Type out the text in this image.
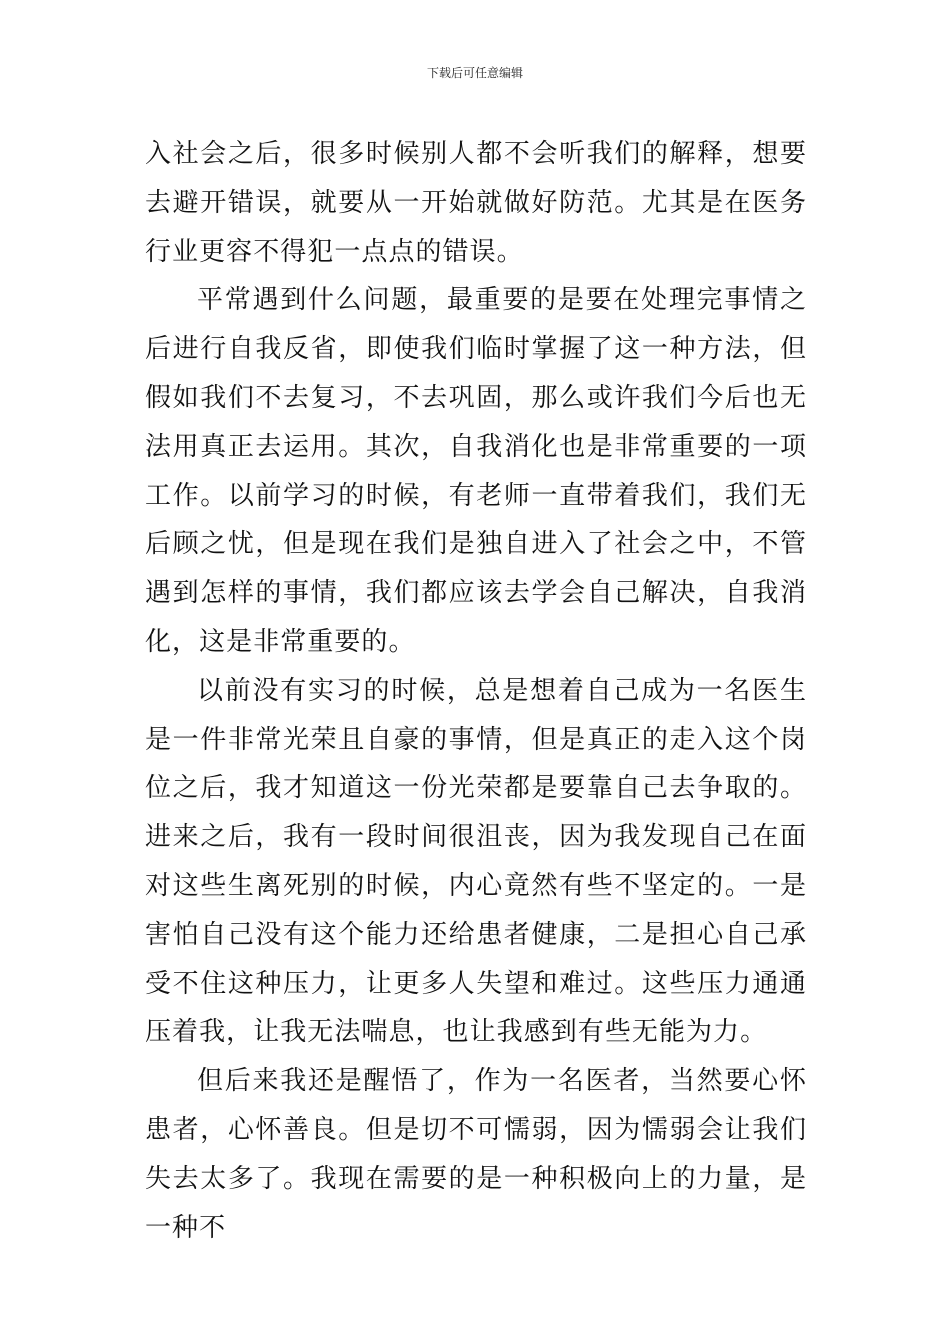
下载后可任意编辑

入社会之后，很多时候别人都不会听我们的解释，想要去避开错误，就要从一开始就做好防范。尤其是在医务行业更容不得犯一点点的错误。

平常遇到什么问题，最重要的是要在处理完事情之后进行自我反省，即使我们临时掌握了这一种方法，但假如我们不去复习，不去巩固，那么或许我们今后也无法用真正去运用。其次，自我消化也是非常重要的一项工作。以前学习的时候，有老师一直带着我们，我们无后顾之忧，但是现在我们是独自进入了社会之中，不管遇到怎样的事情，我们都应该去学会自己解决，自我消化，这是非常重要的。

以前没有实习的时候，总是想着自己成为一名医生是一件非常光荣且自豪的事情，但是真正的走入这个岗位之后，我才知道这一份光荣都是要靠自己去争取的。进来之后，我有一段时间很沮丧，因为我发现自己在面对这些生离死别的时候，内心竟然有些不坚定的。一是害怕自己没有这个能力还给患者健康，二是担心自己承受不住这种压力，让更多人失望和难过。这些压力通通压着我，让我无法喘息，也让我感到有些无能为力。

但后来我还是醒悟了，作为一名医者，当然要心怀患者，心怀善良。但是切不可懦弱，因为懦弱会让我们失去太多了。我现在需要的是一种积极向上的力量，是一种不
